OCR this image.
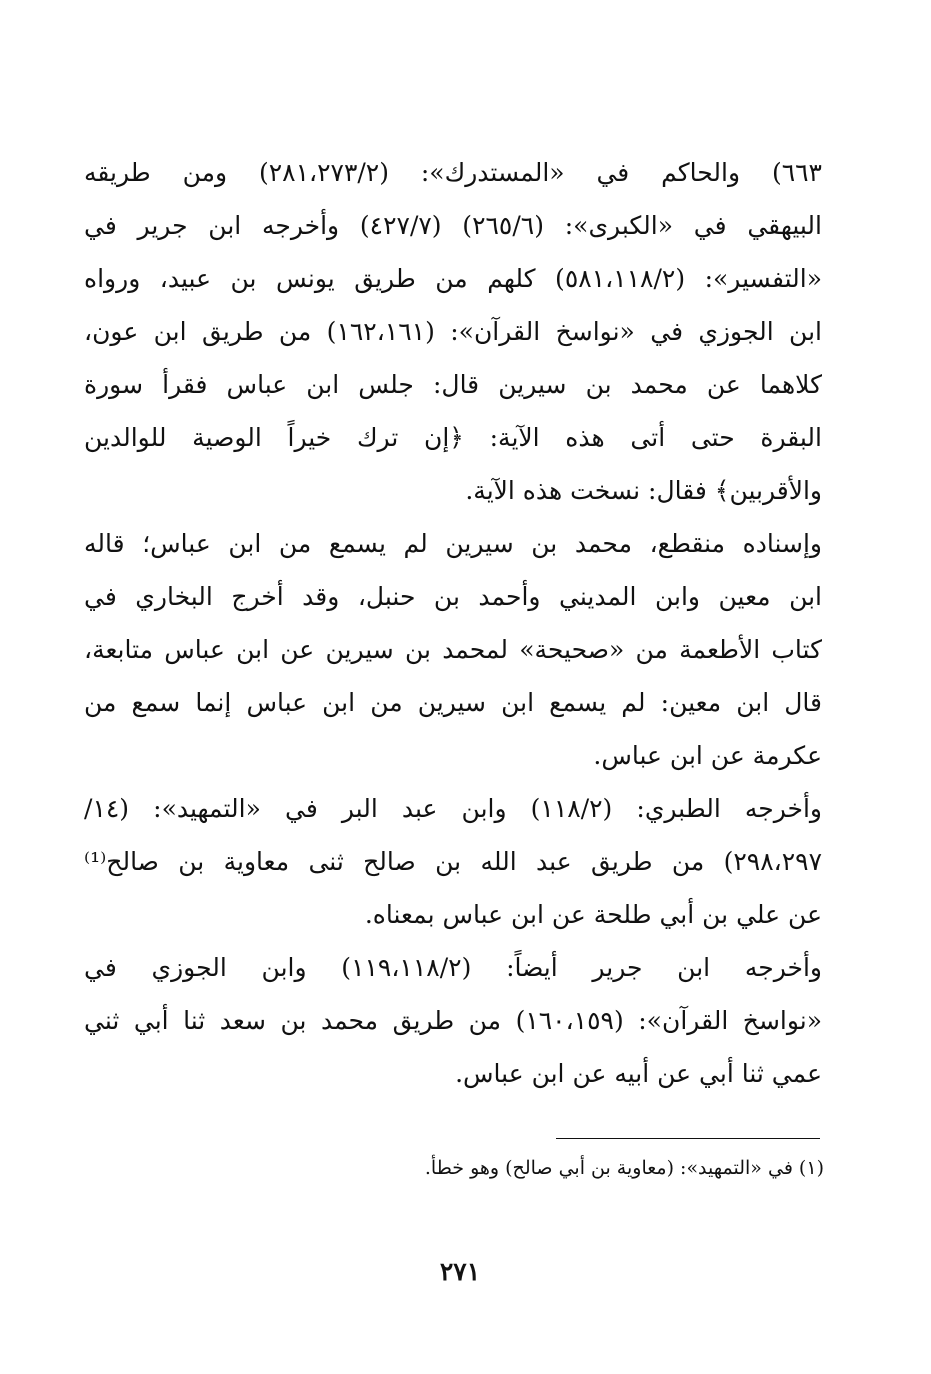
٦٦٣) والحاكم في «المستدرك»: (٢٨١،٢٧٣/٢) ومن طريقه
البيهقي في «الكبرى»: (٢٦٥/٦) (٤٢٧/٧) وأخرجه ابن جرير في
«التفسير»: (٥٨١،١١٨/٢) كلهم من طريق يونس بن عبيد، ورواه
ابن الجوزي في «نواسخ القرآن»: (١٦٢،١٦١) من طريق ابن عون،
كلاهما عن محمد بن سيرين قال: جلس ابن عباس فقرأ سورة
البقرة حتى أتى هذه الآية: ﴿إن ترك خيراً الوصية للوالدين
والأقربين﴾ فقال: نسخت هذه الآية.
وإسناده منقطع، محمد بن سيرين لم يسمع من ابن عباس؛ قاله
ابن معين وابن المديني وأحمد بن حنبل، وقد أخرج البخاري في
كتاب الأطعمة من «صحيحة» لمحمد بن سيرين عن ابن عباس متابعة،
قال ابن معين: لم يسمع ابن سيرين من ابن عباس إنما سمع من
عكرمة عن ابن عباس.
وأخرجه الطبري: (١١٨/٢) وابن عبد البر في «التمهيد»: (١٤/
٢٩٨،٢٩٧) من طريق عبد الله بن صالح ثنى معاوية بن صالح⁽¹⁾
عن علي بن أبي طلحة عن ابن عباس بمعناه.
وأخرجه ابن جرير أيضاً: (١١٩،١١٨/٢) وابن الجوزي في
«نواسخ القرآن»: (١٦٠،١٥٩) من طريق محمد بن سعد ثنا أبي ثني
عمي ثنا أبي عن أبيه عن ابن عباس.
(١) في «التمهيد»: (معاوية بن أبي صالح) وهو خطأ.
٢٧١
